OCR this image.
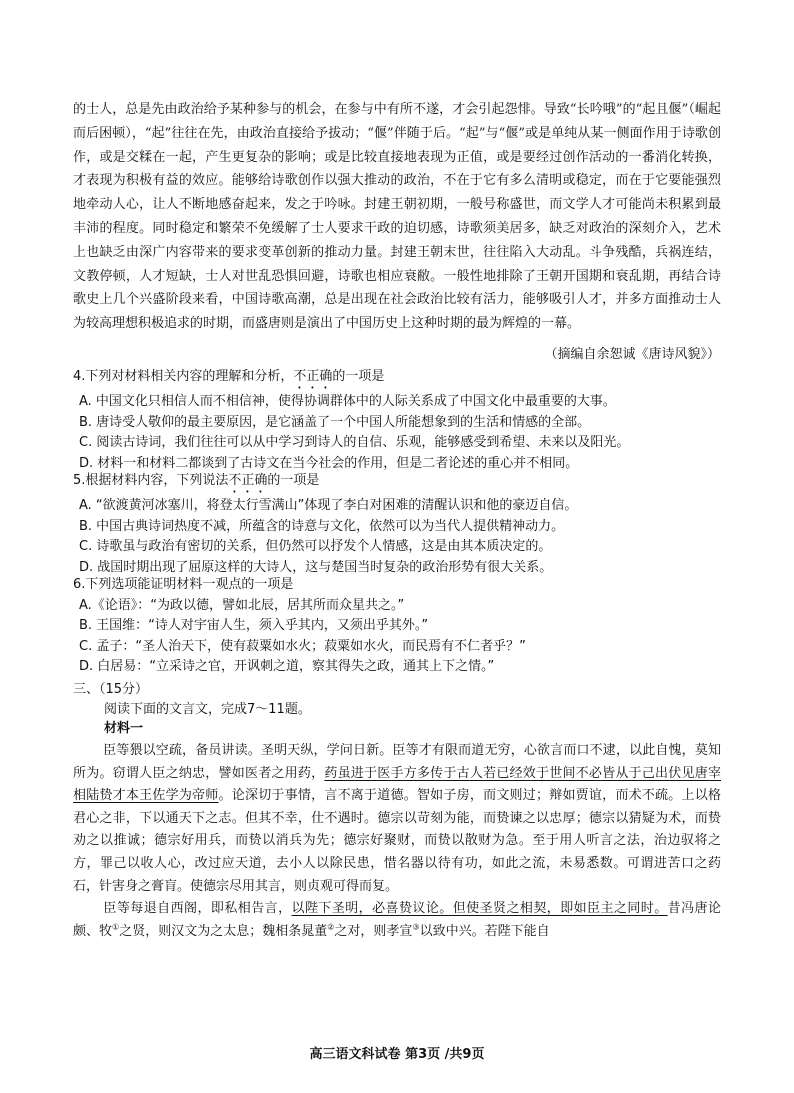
的士人，总是先由政治给予某种参与的机会，在参与中有所不遂，才会引起怨悱。导致“长吟哦”的“起且偃”（崛起而后困顿），“起”往往在先，由政治直接给予拔动；“偃”伴随于后。“起”与“偃”或是单纯从某一侧面作用于诗歌创作，或是交糅在一起，产生更复杂的影响；或是比较直接地表现为正值，或是要经过创作活动的一番消化转换，才表现为积极有益的效应。能够给诗歌创作以强大推动的政治，不在于它有多么清明或稳定，而在于它要能强烈地牵动人心，让人不断地感奋起来，发之于吟咏。封建王朝初期，一般号称盛世，而文学人才可能尚未积累到最丰沛的程度。同时稳定和繁荣不免缓解了士人要求干政的迫切感，诗歌须美居多，缺乏对政治的深刻介入，艺术上也缺乏由深广内容带来的要求变革创新的推动力量。封建王朝末世，往往陷入大动乱。斗争残酷，兵祸连结，文教停顿，人才短缺，士人对世乱恐惧回避，诗歌也相应衰敝。一般性地排除了王朝开国期和衰乱期，再结合诗歌史上几个兴盛阶段来看，中国诗歌高潮，总是出现在社会政治比较有活力，能够吸引人才，并多方面推动士人为较高理想积极追求的时期，而盛唐则是演出了中国历史上这种时期的最为辉煌的一幕。

（摘编自余恕诚《唐诗风貌》）

4.下列对材料相关内容的理解和分析，不正确的一项是
A. 中国文化只相信人而不相信神，使得协调群体中的人际关系成了中国文化中最重要的大事。
B. 唐诗受人敬仰的最主要原因，是它涵盖了一个中国人所能想象到的生活和情感的全部。
C. 阅读古诗词，我们往往可以从中学习到诗人的自信、乐观，能够感受到希望、未来以及阳光。
D. 材料一和材料二都谈到了古诗文在当今社会的作用，但是二者论述的重心并不相同。
5.根据材料内容，下列说法不正确的一项是
A. “欲渡黄河冰塞川，将登太行雪满山”体现了李白对困难的清醒认识和他的豪迈自信。
B. 中国古典诗词热度不减，所蕴含的诗意与文化，依然可以为当代人提供精神动力。
C. 诗歌虽与政治有密切的关系，但仍然可以抒发个人情感，这是由其本质决定的。
D. 战国时期出现了屈原这样的大诗人，这与楚国当时复杂的政治形势有很大关系。
6.下列选项能证明材料一观点的一项是
A.《论语》：“为政以德，譬如北辰，居其所而众星共之。”
B. 王国维：“诗人对宇宙人生，须入乎其内，又须出乎其外。”
C. 孟子：“圣人治天下，使有菽粟如水火；菽粟如水火，而民焉有不仁者乎？”
D. 白居易：“立采诗之官，开讽刺之道，察其得失之政，通其上下之情。”

三、（15分）

阅读下面的文言文，完成7～11题。

材料一

臣等猥以空疏，备员讲读。圣明天纵，学问日新。臣等才有限而道无穷，心欲言而口不逮，以此自愧，莫知所为。窃谓人臣之纳忠，譬如医者之用药，药虽进于医手方多传于古人若已经效于世间不必皆从于己出伏见唐宰相陆贽才本王佐学为帝师。论深切于事情，言不离于道德。智如子房，而文则过；辩如贾谊，而术不疏。上以格君心之非，下以通天下之志。但其不幸，仕不遇时。德宗以苛刻为能，而贽谏之以忠厚；德宗以猜疑为术，而贽劝之以推诚；德宗好用兵，而贽以消兵为先；德宗好聚财，而贽以散财为急。至于用人听言之法，治边驭将之方，罪己以收人心，改过应天道，去小人以除民患，惜名器以待有功，如此之流，未易悉数。可谓进苦口之药石，针害身之膏肓。使德宗尽用其言，则贞观可得而复。
臣等每退自西阁，即私相告言，以陛下圣明，必喜贽议论。但使圣贤之相契，即如臣主之同时。昔冯唐论颇、牧①之贤，则汉文为之太息；魏相条晁董②之对，则孝宣③以致中兴。若陛下能自

高三语文科试卷 第3页 /共9页
